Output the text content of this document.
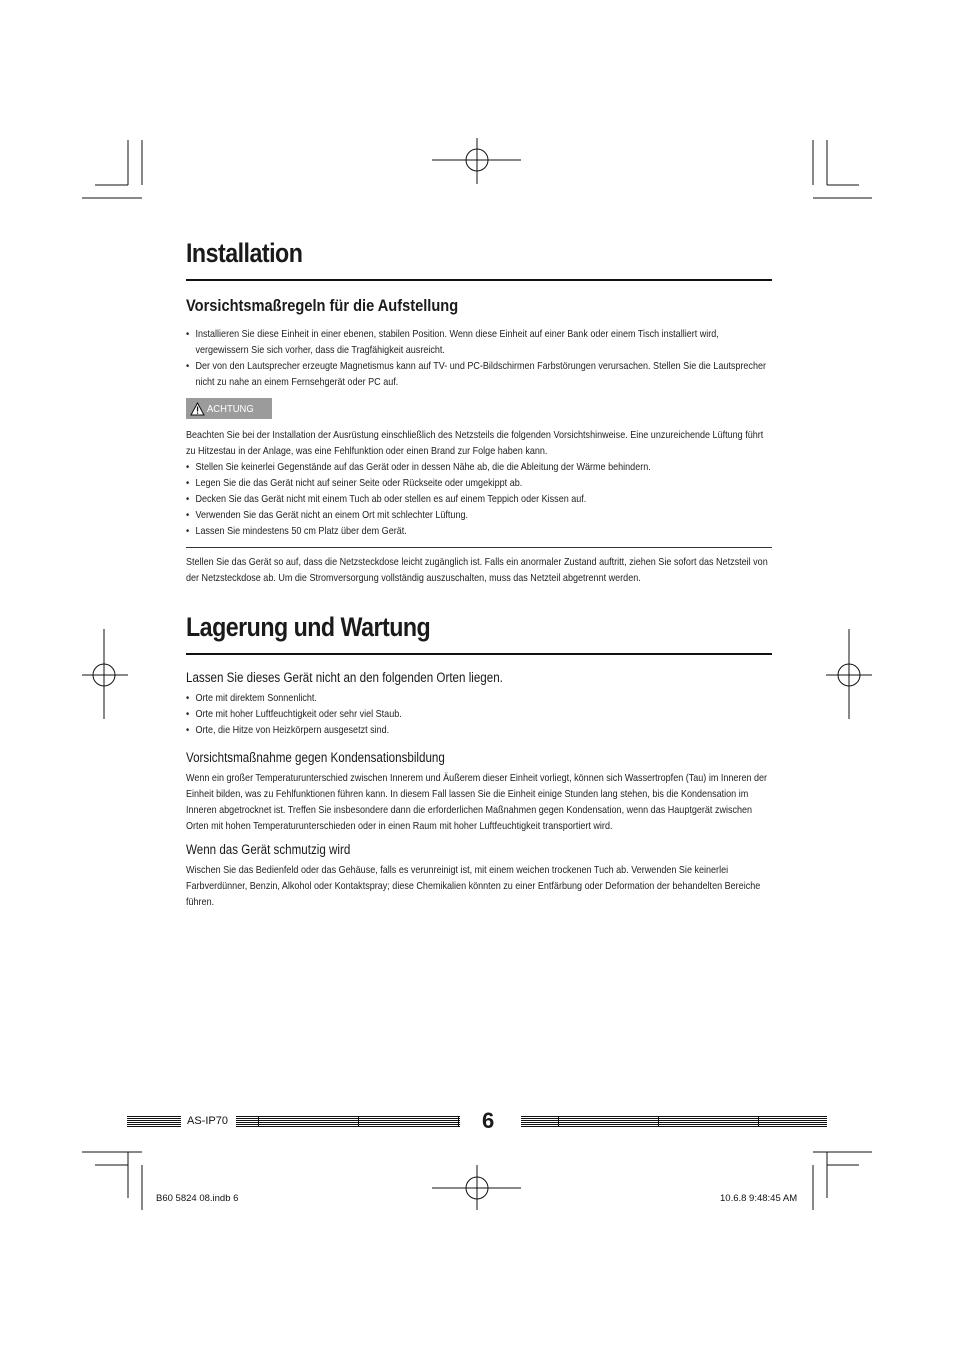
Installation
Vorsichtsmaßregeln für die Aufstellung

• Installieren Sie diese Einheit in einer ebenen, stabilen Position. Wenn diese Einheit auf einer Bank oder einem Tisch installiert wird, vergewissern Sie sich vorher, dass die Tragfähigkeit ausreicht.

• Der von den Lautsprecher erzeugte Magnetismus kann auf TV- und PC-Bildschirmen Farbstörungen verursachen. Stellen Sie die Lautsprecher nicht zu nahe an einem Fernsehgerät oder PC auf.

ACHTUNG

Beachten Sie bei der Installation der Ausrüstung einschließlich des Netzsteils die folgenden Vorsichtshinweise. Eine unzureichende Lüftung führt zu Hitzestau in der Anlage, was eine Fehlfunktion oder einen Brand zur Folge haben kann.

• Stellen Sie keinerlei Gegenstände auf das Gerät oder in dessen Nähe ab, die die Ableitung der Wärme behindern.

• Legen Sie die das Gerät nicht auf seiner Seite oder Rückseite oder umgekippt ab.

• Decken Sie das Gerät nicht mit einem Tuch ab oder stellen es auf einem Teppich oder Kissen auf.

• Verwenden Sie das Gerät nicht an einem Ort mit schlechter Lüftung.

• Lassen Sie mindestens 50 cm Platz über dem Gerät.

Stellen Sie das Gerät so auf, dass die Netzsteckdose leicht zugänglich ist. Falls ein anormaler Zustand auftritt, ziehen Sie sofort das Netzsteil von der Netzsteckdose ab. Um die Stromversorgung vollständig auszuschalten, muss das Netzteil abgetrennt werden.

Lagerung und Wartung
Lassen Sie dieses Gerät nicht an den folgenden Orten liegen.

• Orte mit direktem Sonnenlicht.

• Orte mit hoher Luftfeuchtigkeit oder sehr viel Staub.

• Orte, die Hitze von Heizkörpern ausgesetzt sind.

Vorsichtsmaßnahme gegen Kondensationsbildung

Wenn ein großer Temperaturunterschied zwischen Innerem und Äußerem dieser Einheit vorliegt, können sich Wassertropfen (Tau) im Inneren der Einheit bilden, was zu Fehlfunktionen führen kann. In diesem Fall lassen Sie die Einheit einige Stunden lang stehen, bis die Kondensation im Inneren abgetrocknet ist. Treffen Sie insbesondere dann die erforderlichen Maßnahmen gegen Kondensation, wenn das Hauptgerät zwischen Orten mit hohen Temperaturunterschieden oder in einen Raum mit hoher Luftfeuchtigkeit transportiert wird.

Wenn das Gerät schmutzig wird

Wischen Sie das Bedienfeld oder das Gehäuse, falls es verunreinigt ist, mit einem weichen trockenen Tuch ab. Verwenden Sie keinerlei Farbverdünner, Benzin, Alkohol oder Kontaktspray; diese Chemikalien könnten zu einer Entfärbung oder Deformation der behandelten Bereiche führen.

AS-IP70	6
B60 5824 08.indb 6	10.6.8 9:48:45 AM
